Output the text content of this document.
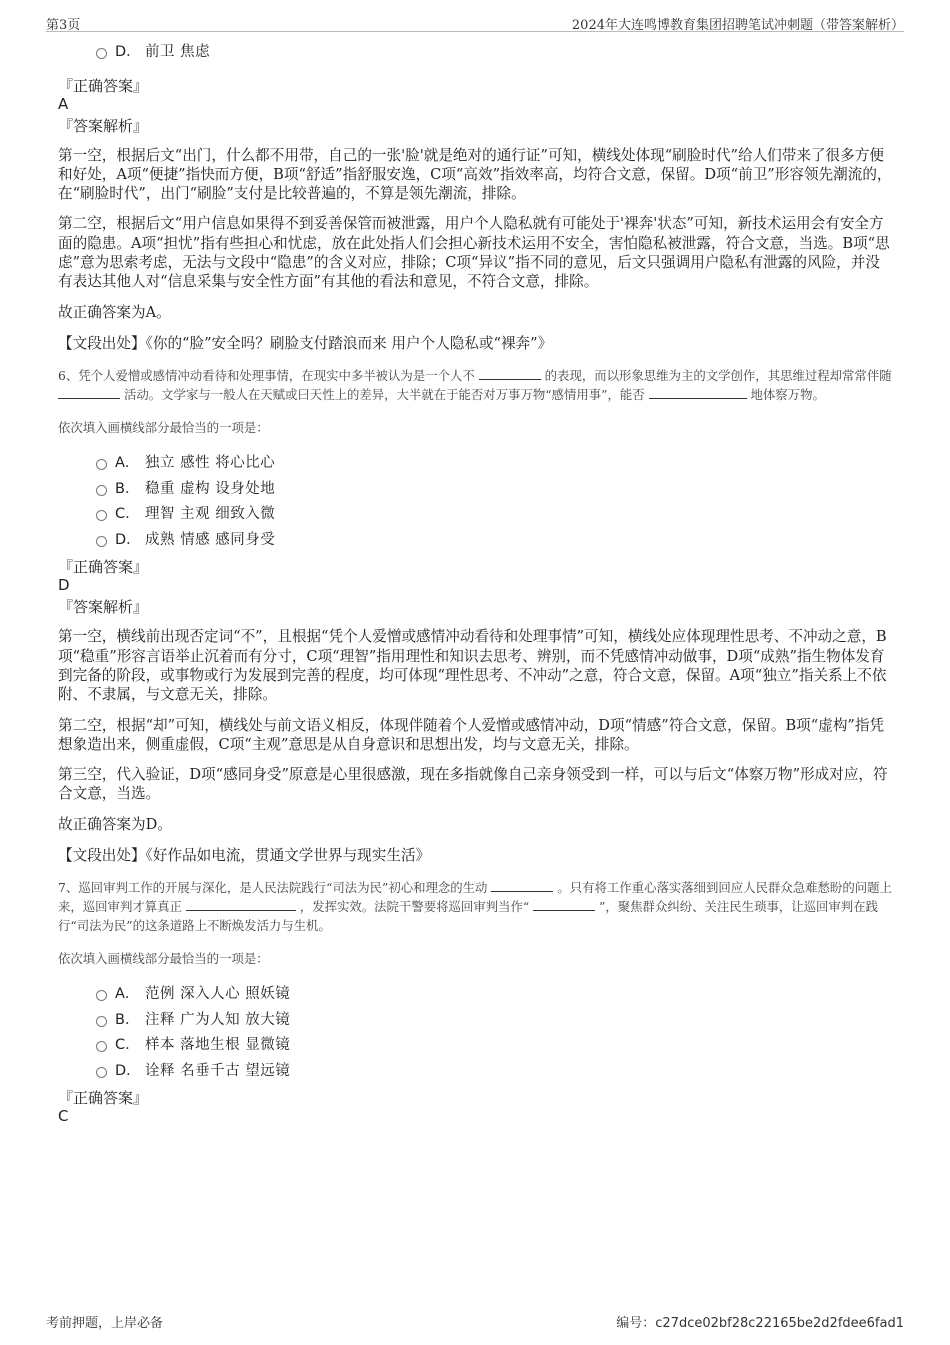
第3页	2024年大连鸣博教育集团招聘笔试冲刺题（带答案解析）
D． 前卫 焦虑
『正确答案』
A
『答案解析』

第一空，根据后文“出门，什么都不用带，自己的一张'脸'就是绝对的通行证”可知，横线处体现“刷脸时代”给人们带来了很多方便和好处，A项“便捷”指快而方便，B项“舒适”指舒服安逸，C项“高效”指效率高，均符合文意，保留。D项“前卫”形容领先潮流的，在“刷脸时代”，出门“刷脸”支付是比较普遍的，不算是领先潮流，排除。

第二空，根据后文“用户信息如果得不到妥善保管而被泄露，用户个人隐私就有可能处于'裸奔'状态”可知，新技术运用会有安全方面的隐患。A项“担忧”指有些担心和忧虑，放在此处指人们会担心新技术运用不安全，害怕隐私被泄露，符合文意，当选。B项“思虑”意为思索考虑，无法与文段中“隐患”的含义对应，排除；C项“异议”指不同的意见，后文只强调用户隐私有泄露的风险，并没有表达其他人对“信息采集与安全性方面”有其他的看法和意见，不符合文意，排除。

故正确答案为A。

【文段出处】《你的“脸”安全吗？刷脸支付踏浪而来 用户个人隐私或“裸奔”》

6、凭个人爱憎或感情冲动看待和处理事情，在现实中多半被认为是一个人不	的表现，而以形象思维为主的文学创作，其思维过程却常常伴随  活动。文学家与一般人在天赋或曰天性上的差异，大半就在于能否对万事万物“感情用事”，能否	地体察万物。

依次填入画横线部分最恰当的一项是：
A． 独立 感性 将心比心
B． 稳重 虚构 设身处地
C． 理智 主观 细致入微
D． 成熟 情感 感同身受
『正确答案』
D
『答案解析』

第一空，横线前出现否定词“不”，且根据“凭个人爱憎或感情冲动看待和处理事情”可知，横线处应体现理性思考、不冲动之意，B项“稳重”形容言语举止沉着而有分寸，C项“理智”指用理性和知识去思考、辨别，而不凭感情冲动做事，D项“成熟”指生物体发育到完备的阶段，或事物或行为发展到完善的程度，均可体现“理性思考、不冲动”之意，符合文意，保留。A项“独立”指关系上不依附、不隶属，与文意无关，排除。

第二空，根据“却”可知，横线处与前文语义相反，体现伴随着个人爱憎或感情冲动，D项“情感”符合文意，保留。B项“虚构”指凭想象造出来，侧重虚假，C项“主观”意思是从自身意识和思想出发，均与文意无关，排除。

第三空，代入验证，D项“感同身受”原意是心里很感激，现在多指就像自己亲身领受到一样，可以与后文“体察万物”形成对应，符合文意，当选。

故正确答案为D。

【文段出处】《好作品如电流，贯通文学世界与现实生活》

7、巡回审判工作的开展与深化，是人民法院践行“司法为民”初心和理念的生动	。只有将工作重心落实落细到回应人民群众急难愁盼的问题上来，巡回审判才算真正	，发挥实效。法院干警要将巡回审判当作“	”，聚焦群众纠纷、关注民生琐事，让巡回审判在践行“司法为民”的这条道路上不断焕发活力与生机。

依次填入画横线部分最恰当的一项是：
A． 范例 深入人心 照妖镜
B． 注释 广为人知 放大镜
C． 样本 落地生根 显微镜
D． 诠释 名垂千古 望远镜
『正确答案』
C
考前押题，上岸必备	编号：c27dce02bf28c22165be2d2fdee6fad1
